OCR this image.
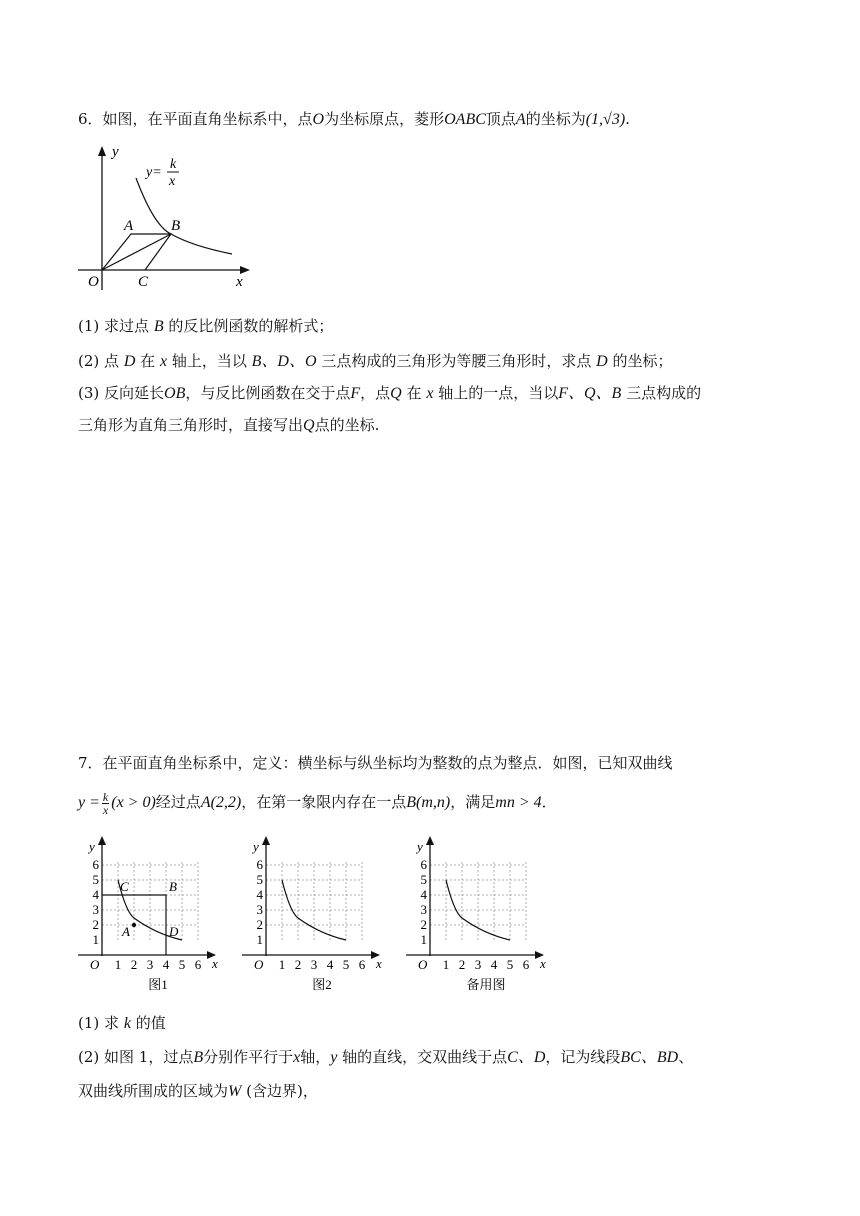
6．如图，在平面直角坐标系中，点O为坐标原点，菱形OABC顶点A的坐标为(1,√3).
y
x
O
A	B
C
y=
k
x
(1) 求过点 B 的反比例函数的解析式；
(2) 点 D 在 x 轴上，当以 B、D、O 三点构成的三角形为等腰三角形时，求点 D 的坐标；
(3) 反向延长OB，与反比例函数在交于点F，点Q 在 x 轴上的一点，当以F、Q、B 三点构成的
三角形为直角三角形时，直接写出Q点的坐标.
7．在平面直角坐标系中，定义：横坐标与纵坐标均为整数的点为整点．如图，已知双曲线
$y = \frac{k}{x} (x > 0)$经过点A(2,2)，在第一象限内存在一点B(m,n)，满足mn > 4．
y
x
O 1 2 3 4 5 6
1
2
3
4
5
6
C	B
A	D
图1
y
x
O 1 2 3 4 5 6
1
2
3
4
5
6
图2
y
x
O 1 2 3 4 5 6
1
2
3
4
5
6
备用图
(1) 求 k 的值
(2) 如图 1，过点B分别作平行于x轴，y 轴的直线，交双曲线于点C、D，记为线段BC、BD、
双曲线所围成的区域为W (含边界)，
